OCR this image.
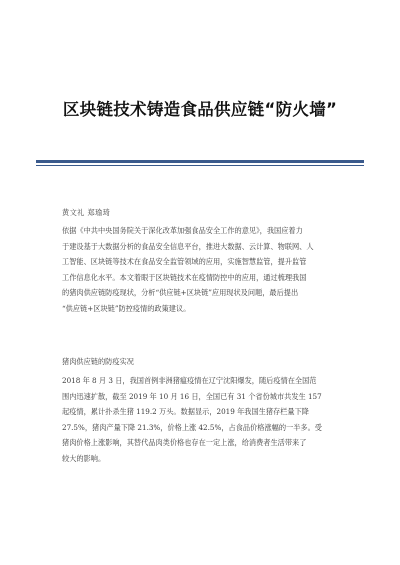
区块链技术铸造食品供应链“防火墙”
黄文礼 郑瑜琦
依据《中共中央国务院关于深化改革加强食品安全工作的意见》，我国应着力
于建设基于大数据分析的食品安全信息平台，推进大数据、云计算、物联网、人
工智能、区块链等技术在食品安全监管领域的应用，实施智慧监管，提升监管
工作信息化水平。本文着眼于区块链技术在疫情防控中的应用，通过梳理我国
的猪肉供应链防疫现状，分析“供应链+区块链”应用现状及问题，最后提出
“供应链+区块链”防控疫情的政策建议。
猪肉供应链的防疫实况
2018 年 8 月 3 日，我国首例非洲猪瘟疫情在辽宁沈阳爆发，随后疫情在全国范
围内迅速扩散，截至 2019 年 10 月 16 日，全国已有 31 个省份城市共发生 157
起疫情，累计扑杀生猪 119.2 万头。数据显示，2019 年我国生猪存栏量下降
27.5%，猪肉产量下降 21.3%，价格上涨 42.5%，占食品价格涨幅的一半多。受
猪肉价格上涨影响，其替代品肉类价格也存在一定上涨，给消费者生活带来了
较大的影响。
